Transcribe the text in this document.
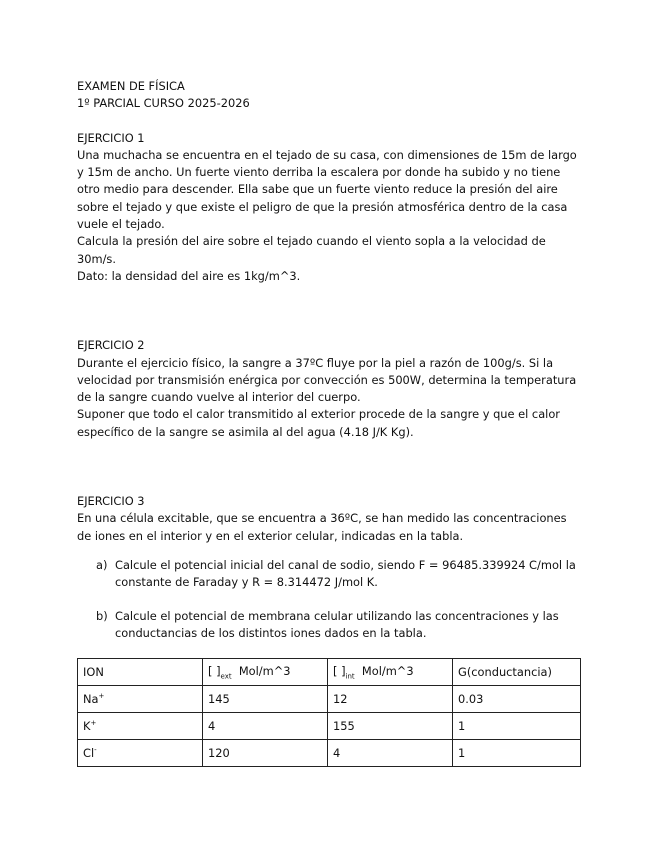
EXAMEN DE FÍSICA

1º PARCIAL CURSO 2025-2026

EJERCICIO 1

Una muchacha se encuentra en el tejado de su casa, con dimensiones de 15m de largo y 15m de ancho. Un fuerte viento derriba la escalera por donde ha subido y no tiene otro medio para descender. Ella sabe que un fuerte viento reduce la presión del aire sobre el tejado y que existe el peligro de que la presión atmosférica dentro de la casa vuele el tejado.

Calcula la presión del aire sobre el tejado cuando el viento sopla a la velocidad de 30m/s.

Dato: la densidad del aire es 1kg/m^3.

EJERCICIO 2

Durante el ejercicio físico, la sangre a 37ºC fluye por la piel a razón de 100g/s. Si la velocidad por transmisión enérgica por convección es 500W, determina la temperatura de la sangre cuando vuelve al interior del cuerpo.

Suponer que todo el calor transmitido al exterior procede de la sangre y que el calor específico de la sangre se asimila al del agua (4.18 J/K Kg).

EJERCICIO 3

En una célula excitable, que se encuentra a 36ºC, se han medido las concentraciones de iones en el interior y en el exterior celular, indicadas en la tabla.

a) Calcule el potencial inicial del canal de sodio, siendo F = 96485.339924 C/mol la constante de Faraday y R = 8.314472 J/mol K.
b) Calcule el potencial de membrana celular utilizando las concentraciones y las conductancias de los distintos iones dados en la tabla.
ION	[ ]$_{ext}$ Mol/m^3	[ ]$_{int}$ Mol/m^3	G(conductancia)
Na+	145	12	0.03
K+	4	155	1
Cl-	120	4	1
